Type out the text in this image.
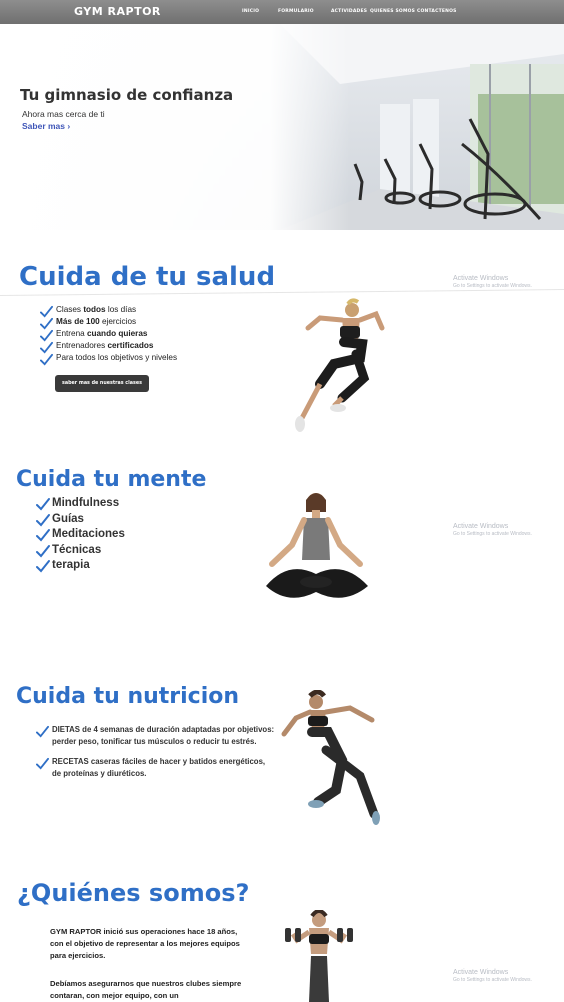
GYM RAPTOR	INICIO	FORMULARIO	ACTIVIDADES QUIENES SOMOS CONTACTENOS
Tu gimnasio de confianza
Ahora mas cerca de ti
Saber mas ›
Cuida de tu salud
Clases todos los días
Más de 100 ejercicios
Entrena cuando quieras
Entrenadores certificados
Para todos los objetivos y niveles
saber mas de nuestras clases
Activate Windows
Go to Settings to activate Windows.
Cuida tu mente
Mindfulness
Guías
Meditaciones
Técnicas
terapia
Activate Windows
Go to Settings to activate Windows.
Cuida tu nutricion
DIETAS de 4 semanas de duración adaptadas por objetivos: perder peso, tonificar tus músculos o reducir tu estrés.
RECETAS caseras fáciles de hacer y batidos energéticos, de proteínas y diuréticos.
¿Quiénes somos?
GYM RAPTOR inició sus operaciones hace 18 años, con el objetivo de representar a los mejores equipos para ejercicios.
Debíamos asegurarnos que nuestros clubes siempre contaran, con mejor equipo, con un
Activate Windows
Go to Settings to activate Windows.
